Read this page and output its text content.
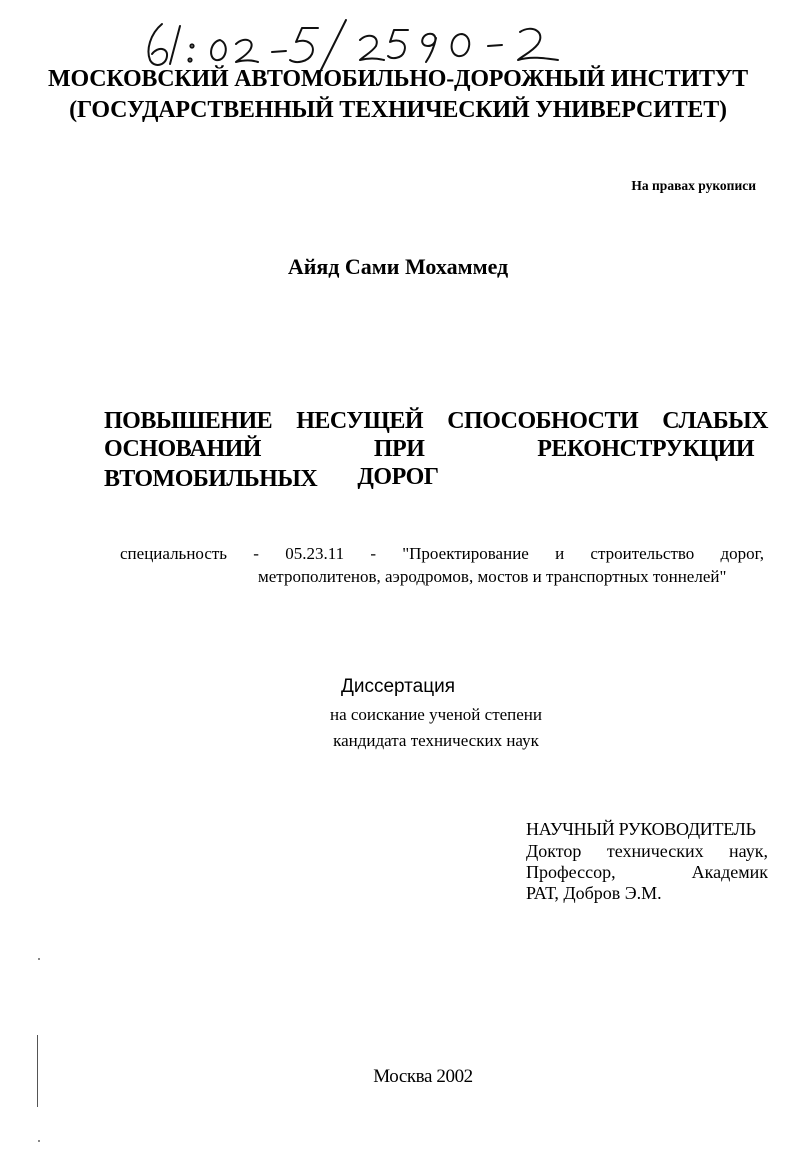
МОСКОВСКИЙ АВТОМОБИЛЬНО-ДОРОЖНЫЙ ИНСТИТУТ
(ГОСУДАРСТВЕННЫЙ ТЕХНИЧЕСКИЙ УНИВЕРСИТЕТ)
На правах рукописи
Айяд Сами Мохаммед
ПОВЫШЕНИЕ НЕСУЩЕЙ СПОСОБНОСТИ СЛАБЫХ
ОСНОВАНИЙ ПРИ РЕКОНСТРУКЦИИ ВТОМОБИЛЬНЫХ	ДОРОГ
специальность - 05.23.11 - "Проектирование и строительство дорог,
метрополитенов, аэродромов, мостов и транспортных тоннелей"
Диссертация
на соискание ученой степени
кандидата технических наук
НАУЧНЫЙ РУКОВОДИТЕЛЬ
Доктор технических наук,
Профессор, Академик
РАТ, Добров Э.М.
Москва 2002
